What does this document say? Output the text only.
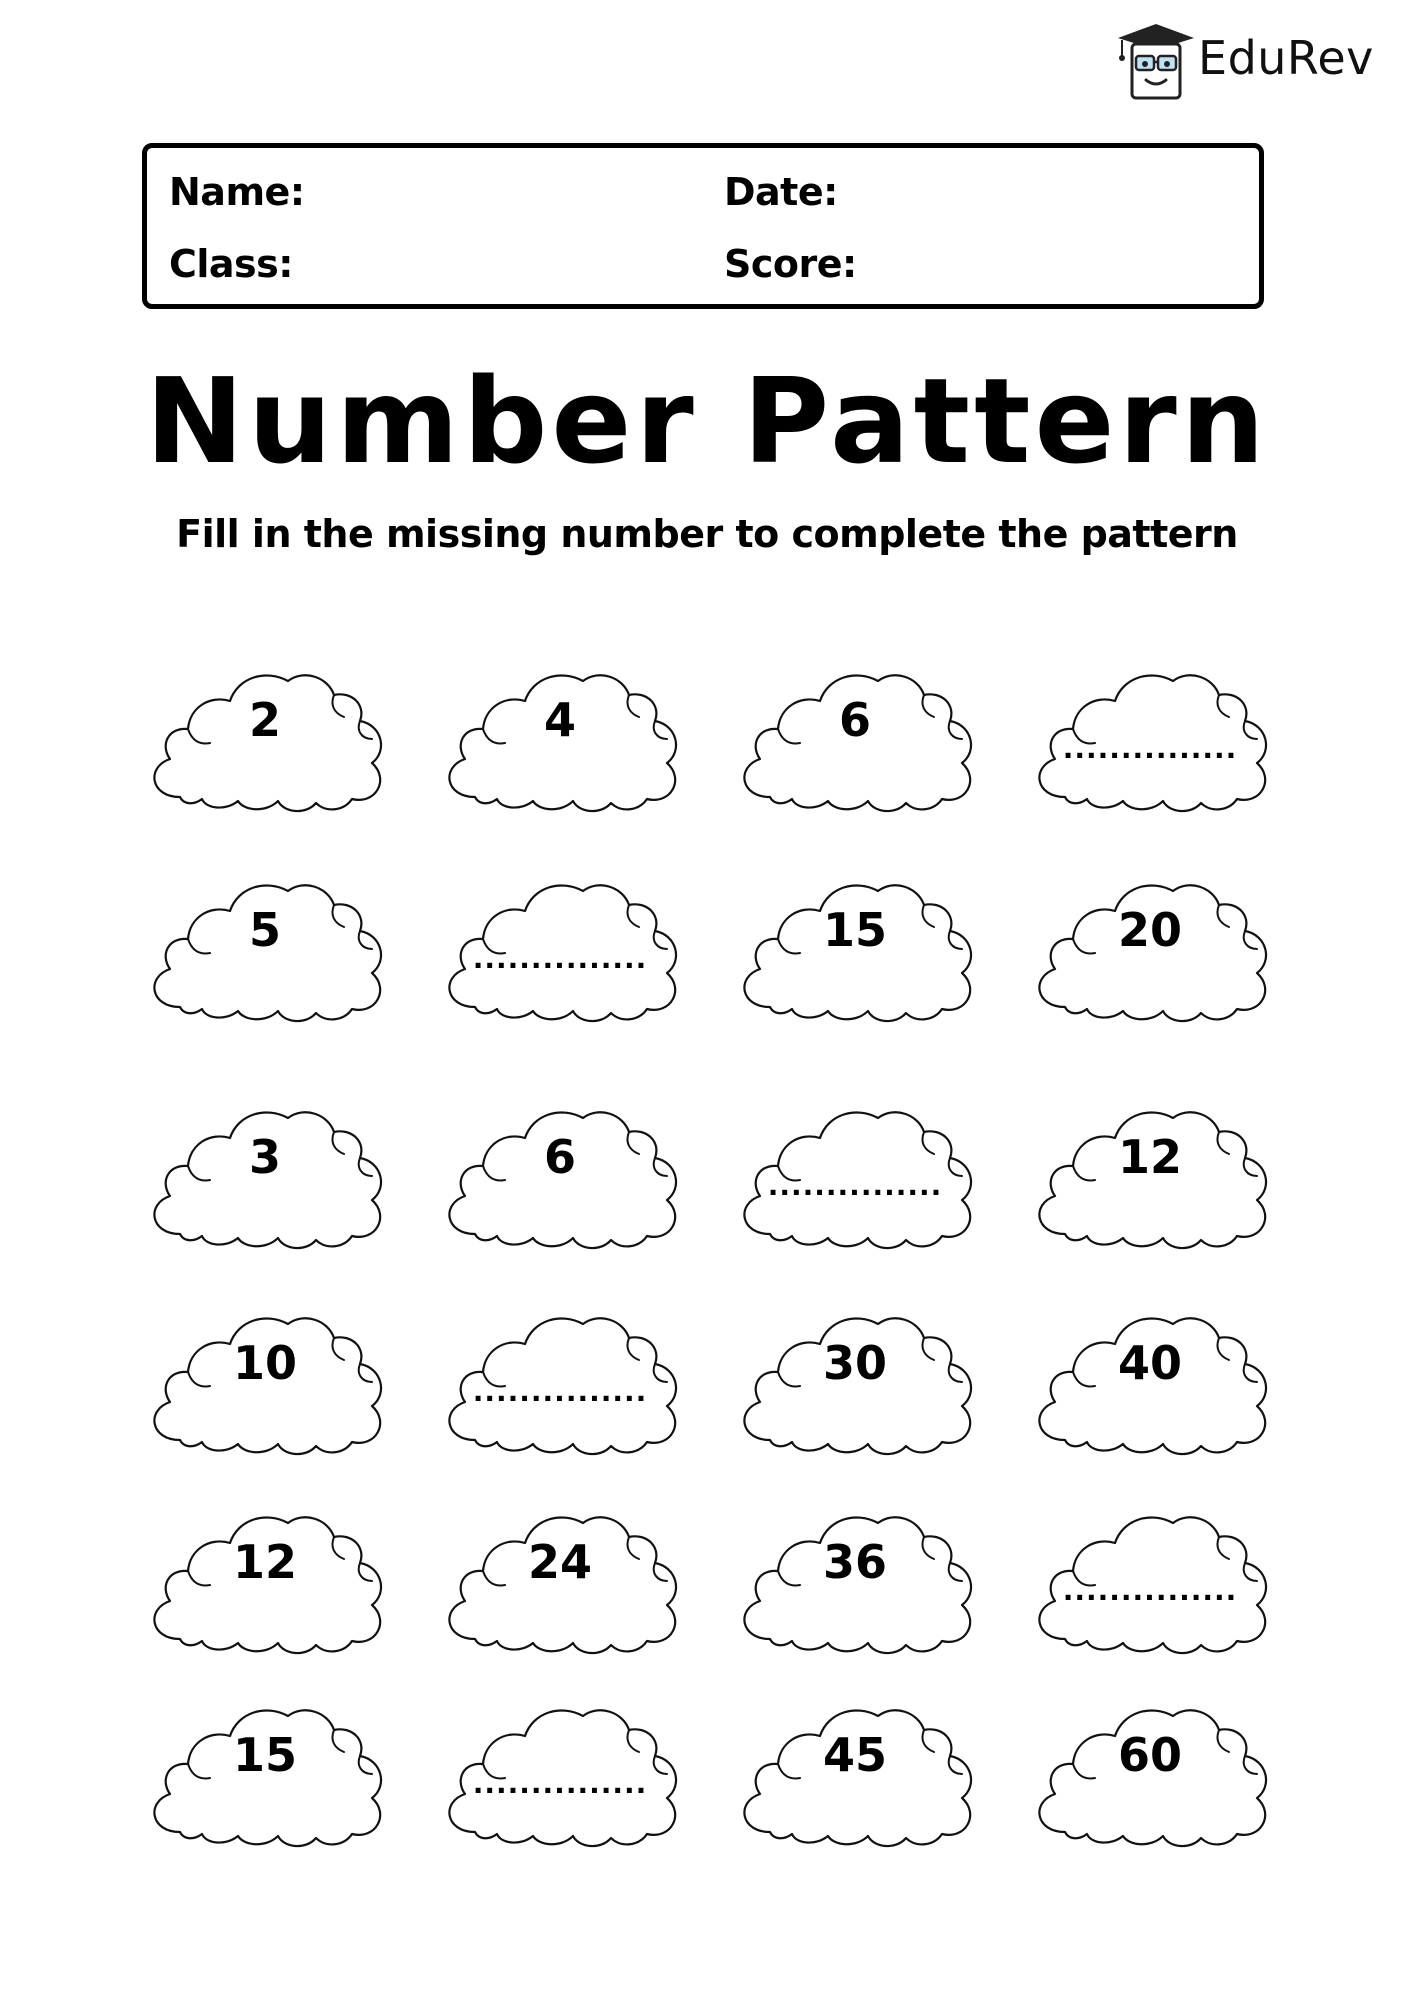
EduRev
Name:	Date:
Class:	Score:
Number Pattern
Fill in the missing number to complete the pattern
2	4	6
...............
5
...............
15	20
3	6
...............
12
10
...............
30	40
12	24	36
...............
15
...............
45	60
